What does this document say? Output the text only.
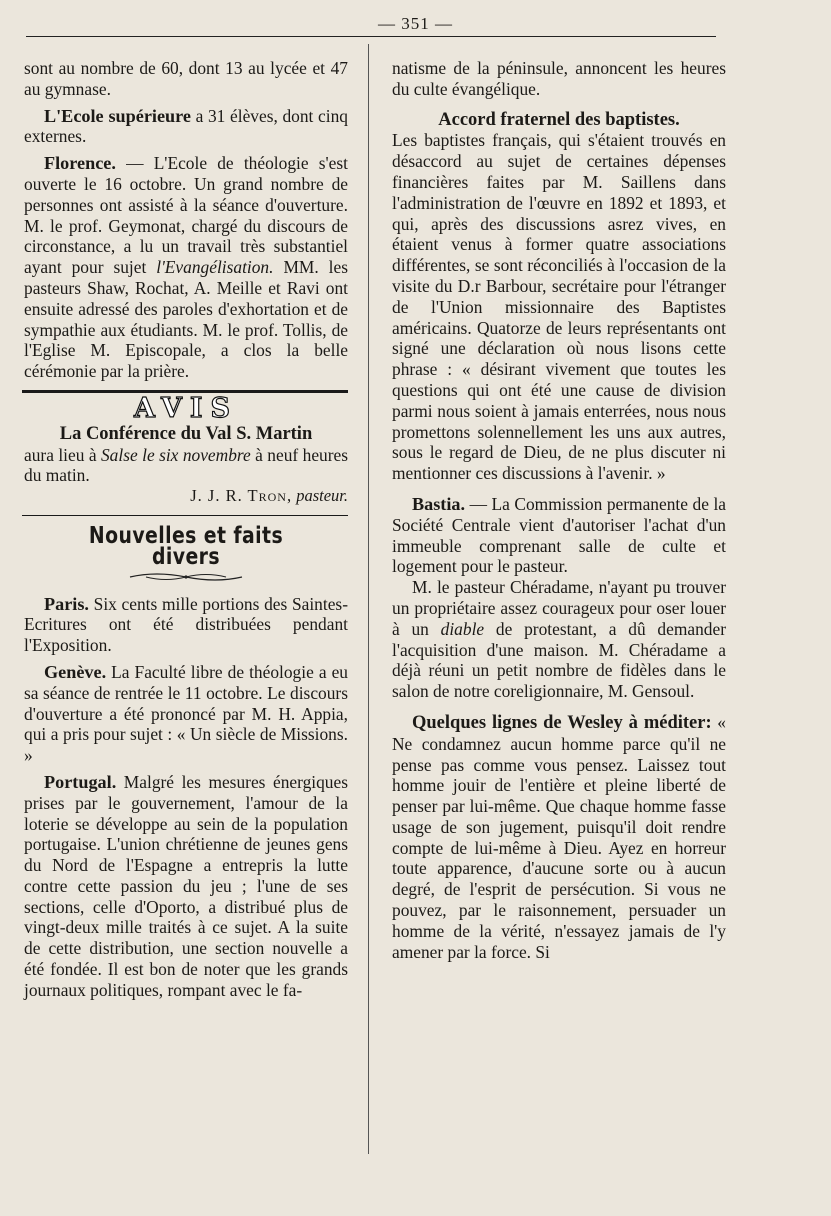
— 351 —

sont au nombre de 60, dont 13 au lycée et 47 au gymnase.

L'Ecole supérieure a 31 élèves, dont cinq externes.

Florence. — L'Ecole de théologie s'est ouverte le 16 octobre. Un grand nombre de personnes ont assisté à la séance d'ouverture. M. le prof. Geymonat, chargé du discours de circonstance, a lu un travail très substantiel ayant pour sujet l'Evangélisation. MM. les pasteurs Shaw, Rochat, A. Meille et Ravi ont ensuite adressé des paroles d'exhortation et de sympathie aux étudiants. M. le prof. Tollis, de l'Eglise M. Episcopale, a clos la belle cérémonie par la prière.

AVIS

La Conférence du Val S. Martin

aura lieu à Salse le six novembre à neuf heures du matin.

J. J. R. Tron, pasteur.

Nouvelles et faits divers

Paris. Six cents mille portions des Saintes-Ecritures ont été distribuées pendant l'Exposition.

Genève. La Faculté libre de théologie a eu sa séance de rentrée le 11 octobre. Le discours d'ouverture a été prononcé par M. H. Appia, qui a pris pour sujet : « Un siècle de Missions. »

Portugal. Malgré les mesures énergiques prises par le gouvernement, l'amour de la loterie se développe au sein de la population portugaise. L'union chrétienne de jeunes gens du Nord de l'Espagne a entrepris la lutte contre cette passion du jeu ; l'une de ses sections, celle d'Oporto, a distribué plus de vingt-deux mille traités à ce sujet. A la suite de cette distribution, une section nouvelle a été fondée. Il est bon de noter que les grands journaux politiques, rompant avec le fa-

natisme de la péninsule, annoncent les heures du culte évangélique.

Accord fraternel des baptistes.

Les baptistes français, qui s'étaient trouvés en désaccord au sujet de certaines dépenses financières faites par M. Saillens dans l'administration de l'œuvre en 1892 et 1893, et qui, après des discussions asrez vives, en étaient venus à former quatre associations différentes, se sont réconciliés à l'occasion de la visite du D.r Barbour, secrétaire pour l'étranger de l'Union missionnaire des Baptistes américains. Quatorze de leurs représentants ont signé une déclaration où nous lisons cette phrase : « désirant vivement que toutes les questions qui ont été une cause de division parmi nous soient à jamais enterrées, nous nous promettons solennellement les uns aux autres, sous le regard de Dieu, de ne plus discuter ni mentionner ces discussions à l'avenir. »

Bastia. — La Commission permanente de la Société Centrale vient d'autoriser l'achat d'un immeuble comprenant salle de culte et logement pour le pasteur.

M. le pasteur Chéradame, n'ayant pu trouver un propriétaire assez courageux pour oser louer à un diable de protestant, a dû demander l'acquisition d'une maison. M. Chéradame a déjà réuni un petit nombre de fidèles dans le salon de notre coreligionnaire, M. Gensoul.

Quelques lignes de Wesley à méditer: « Ne condamnez aucun homme parce qu'il ne pense pas comme vous pensez. Laissez tout homme jouir de l'entière et pleine liberté de penser par lui-même. Que chaque homme fasse usage de son jugement, puisqu'il doit rendre compte de lui-même à Dieu. Ayez en horreur toute apparence, d'aucune sorte ou à aucun degré, de l'esprit de persécution. Si vous ne pouvez, par le raisonnement, persuader un homme de la vérité, n'essayez jamais de l'y amener par la force. Si
